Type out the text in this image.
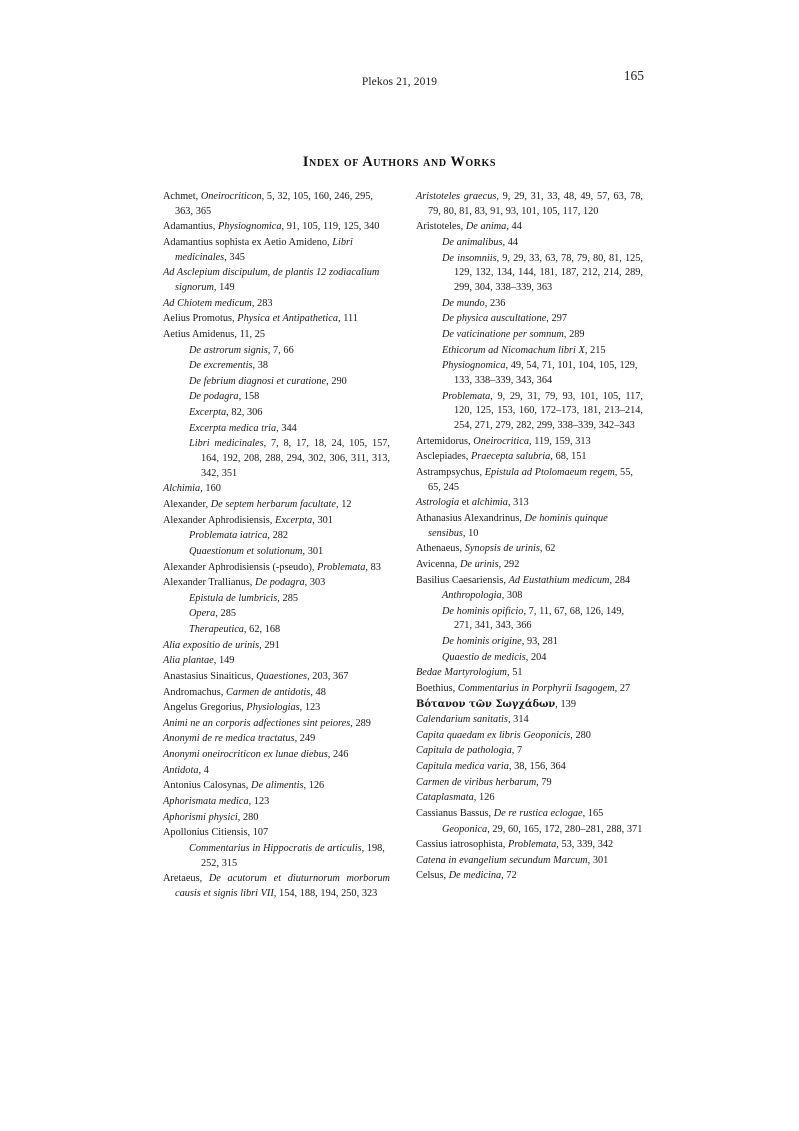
Plekos 21, 2019	165
Index of Authors and Works

Achmet, Oneirocriticon, 5, 32, 105, 160, 246, 295, 363, 365

Adamantius, Physiognomica, 91, 105, 119, 125, 340

Adamantius sophista ex Aetio Amideno, Libri medicinales, 345

Ad Asclepium discipulum, de plantis 12 zodiacalium signorum, 149

Ad Chiotem medicum, 283

Aelius Promotus, Physica et Antipathetica, 111

Aetius Amidenus, 11, 25

De astrorum signis, 7, 66

De excrementis, 38

De febrium diagnosi et curatione, 290

De podagra, 158

Excerpta, 82, 306

Excerpta medica tria, 344

Libri medicinales, 7, 8, 17, 18, 24, 105, 157, 164, 192, 208, 288, 294, 302, 306, 311, 313, 342, 351

Alchimia, 160

Alexander, De septem herbarum facultate, 12

Alexander Aphrodisiensis, Excerpta, 301

Problemata iatrica, 282

Quaestionum et solutionum, 301

Alexander Aphrodisiensis (-pseudo), Problemata, 83

Alexander Trallianus, De podagra, 303

Epistula de lumbricis, 285

Opera, 285

Therapeutica, 62, 168

Alia expositio de urinis, 291

Alia plantae, 149

Anastasius Sinaiticus, Quaestiones, 203, 367

Andromachus, Carmen de antidotis, 48

Angelus Gregorius, Physiologias, 123

Animi ne an corporis adfectiones sint peiores, 289

Anonymi de re medica tractatus, 249

Anonymi oneirocriticon ex lunae diebus, 246

Antidota, 4

Antonius Calosynas, De alimentis, 126

Aphorismata medica, 123

Aphorismi physici, 280

Apollonius Citiensis, 107

Commentarius in Hippocratis de articulis, 198, 252, 315

Aretaeus, De acutorum et diuturnorum morborum causis et signis libri VII, 154, 188, 194, 250, 323

Aristoteles graecus, 9, 29, 31, 33, 48, 49, 57, 63, 78, 79, 80, 81, 83, 91, 93, 101, 105, 117, 120

Aristoteles, De anima, 44

De animalibus, 44

De insomniis, 9, 29, 33, 63, 78, 79, 80, 81, 125, 129, 132, 134, 144, 181, 187, 212, 214, 289, 299, 304, 338–339, 363

De mundo, 236

De physica auscultatione, 297

De vaticinatione per somnum, 289

Ethicorum ad Nicomachum libri X, 215

Physiognomica, 49, 54, 71, 101, 104, 105, 129, 133, 338–339, 343, 364

Problemata, 9, 29, 31, 79, 93, 101, 105, 117, 120, 125, 153, 160, 172–173, 181, 213–214, 254, 271, 279, 282, 299, 338–339, 342–343

Artemidorus, Oneirocritica, 119, 159, 313

Asclepiades, Praecepta salubria, 68, 151

Astrampsychus, Epistula ad Ptolomaeum regem, 55, 65, 245

Astrologia et alchimia, 313

Athanasius Alexandrinus, De hominis quinque sensibus, 10

Athenaeus, Synopsis de urinis, 62

Avicenna, De urinis, 292

Basilius Caesariensis, Ad Eustathium medicum, 284

Anthropologia, 308

De hominis opificio, 7, 11, 67, 68, 126, 149, 271, 341, 343, 366

De hominis origine, 93, 281

Quaestio de medicis, 204

Bedae Martyrologium, 51

Boethius, Commentarius in Porphyrii Isagogem, 27

Βότανον τῶν Σωγχάδων, 139

Calendarium sanitatis, 314

Capita quaedam ex libris Geoponicis, 280

Capitula de pathologia, 7

Capitula medica varia, 38, 156, 364

Carmen de viribus herbarum, 79

Cataplasmata, 126

Cassianus Bassus, De re rustica eclogae, 165

Geoponica, 29, 60, 165, 172, 280–281, 288, 371

Cassius iatrosophista, Problemata, 53, 339, 342

Catena in evangelium secundum Marcum, 301

Celsus, De medicina, 72
